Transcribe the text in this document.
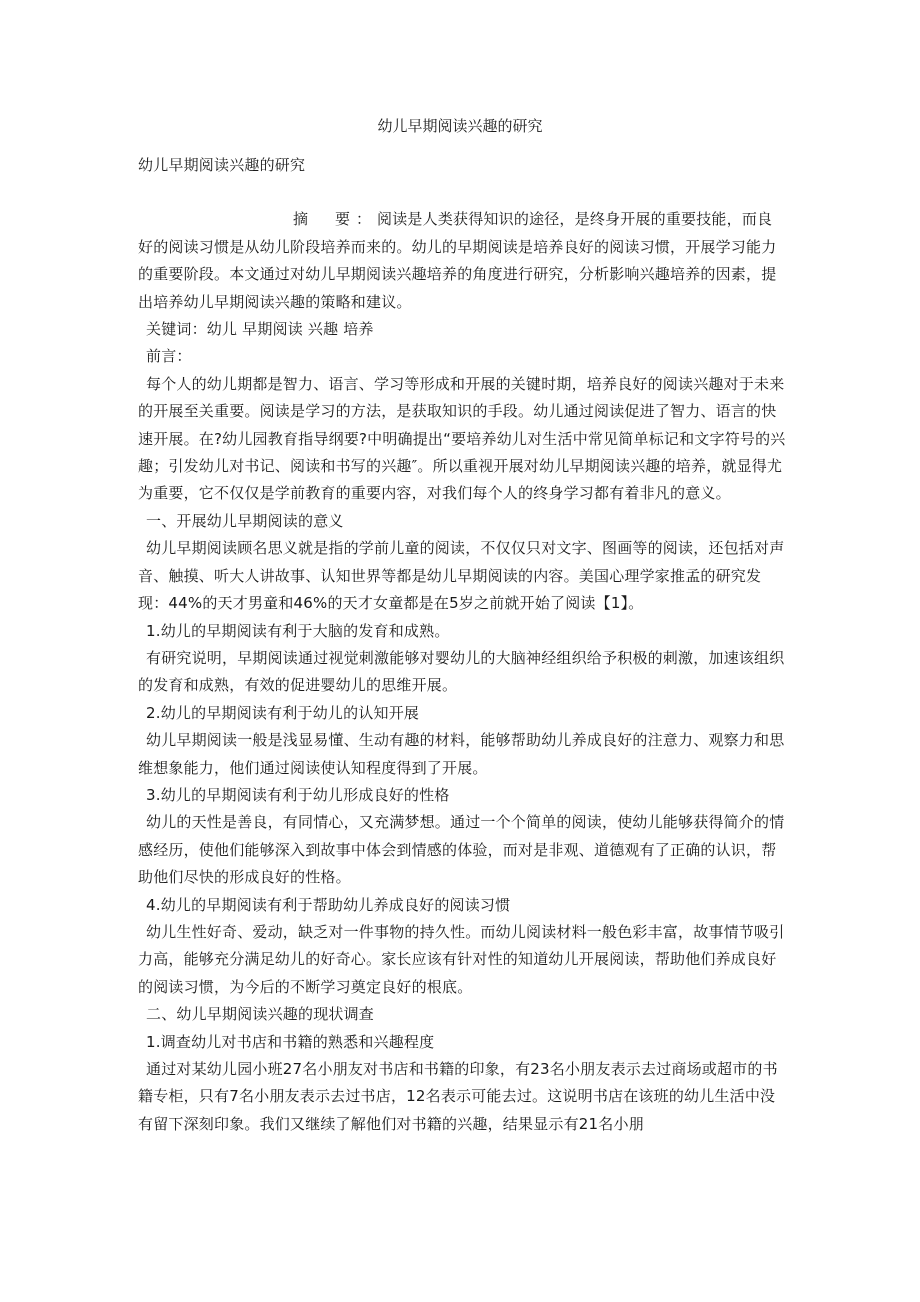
幼儿早期阅读兴趣的研究

幼儿早期阅读兴趣的研究

摘　要：阅读是人类获得知识的途径，是终身开展的重要技能，而良好的阅读习惯是从幼儿阶段培养而来的。幼儿的早期阅读是培养良好的阅读习惯，开展学习能力的重要阶段。本文通过对幼儿早期阅读兴趣培养的角度进行研究，分析影响兴趣培养的因素，提出培养幼儿早期阅读兴趣的策略和建议。

关键词：幼儿 早期阅读 兴趣 培养

前言：

每个人的幼儿期都是智力、语言、学习等形成和开展的关键时期，培养良好的阅读兴趣对于未来的开展至关重要。阅读是学习的方法，是获取知识的手段。幼儿通过阅读促进了智力、语言的快速开展。在?幼儿园教育指导纲要?中明确提出“要培养幼儿对生活中常见简单标记和文字符号的兴趣；引发幼儿对书记、阅读和书写的兴趣″。所以重视开展对幼儿早期阅读兴趣的培养，就显得尤为重要，它不仅仅是学前教育的重要内容，对我们每个人的终身学习都有着非凡的意义。

一、开展幼儿早期阅读的意义

幼儿早期阅读顾名思义就是指的学前儿童的阅读，不仅仅只对文字、图画等的阅读，还包括对声音、触摸、听大人讲故事、认知世界等都是幼儿早期阅读的内容。美国心理学家推孟的研究发现：44%的天才男童和46%的天才女童都是在5岁之前就开始了阅读【1】。

1.幼儿的早期阅读有利于大脑的发育和成熟。

有研究说明，早期阅读通过视觉刺激能够对婴幼儿的大脑神经组织给予积极的刺激，加速该组织的发育和成熟，有效的促进婴幼儿的思维开展。

2.幼儿的早期阅读有利于幼儿的认知开展

幼儿早期阅读一般是浅显易懂、生动有趣的材料，能够帮助幼儿养成良好的注意力、观察力和思维想象能力，他们通过阅读使认知程度得到了开展。

3.幼儿的早期阅读有利于幼儿形成良好的性格

幼儿的天性是善良，有同情心，又充满梦想。通过一个个简单的阅读，使幼儿能够获得简介的情感经历，使他们能够深入到故事中体会到情感的体验，而对是非观、道德观有了正确的认识，帮助他们尽快的形成良好的性格。

4.幼儿的早期阅读有利于帮助幼儿养成良好的阅读习惯

幼儿生性好奇、爱动，缺乏对一件事物的持久性。而幼儿阅读材料一般色彩丰富，故事情节吸引力高，能够充分满足幼儿的好奇心。家长应该有针对性的知道幼儿开展阅读，帮助他们养成良好的阅读习惯，为今后的不断学习奠定良好的根底。

二、幼儿早期阅读兴趣的现状调查

1.调查幼儿对书店和书籍的熟悉和兴趣程度

通过对某幼儿园小班27名小朋友对书店和书籍的印象，有23名小朋友表示去过商场或超市的书籍专柜，只有7名小朋友表示去过书店，12名表示可能去过。这说明书店在该班的幼儿生活中没有留下深刻印象。我们又继续了解他们对书籍的兴趣，结果显示有21名小朋
